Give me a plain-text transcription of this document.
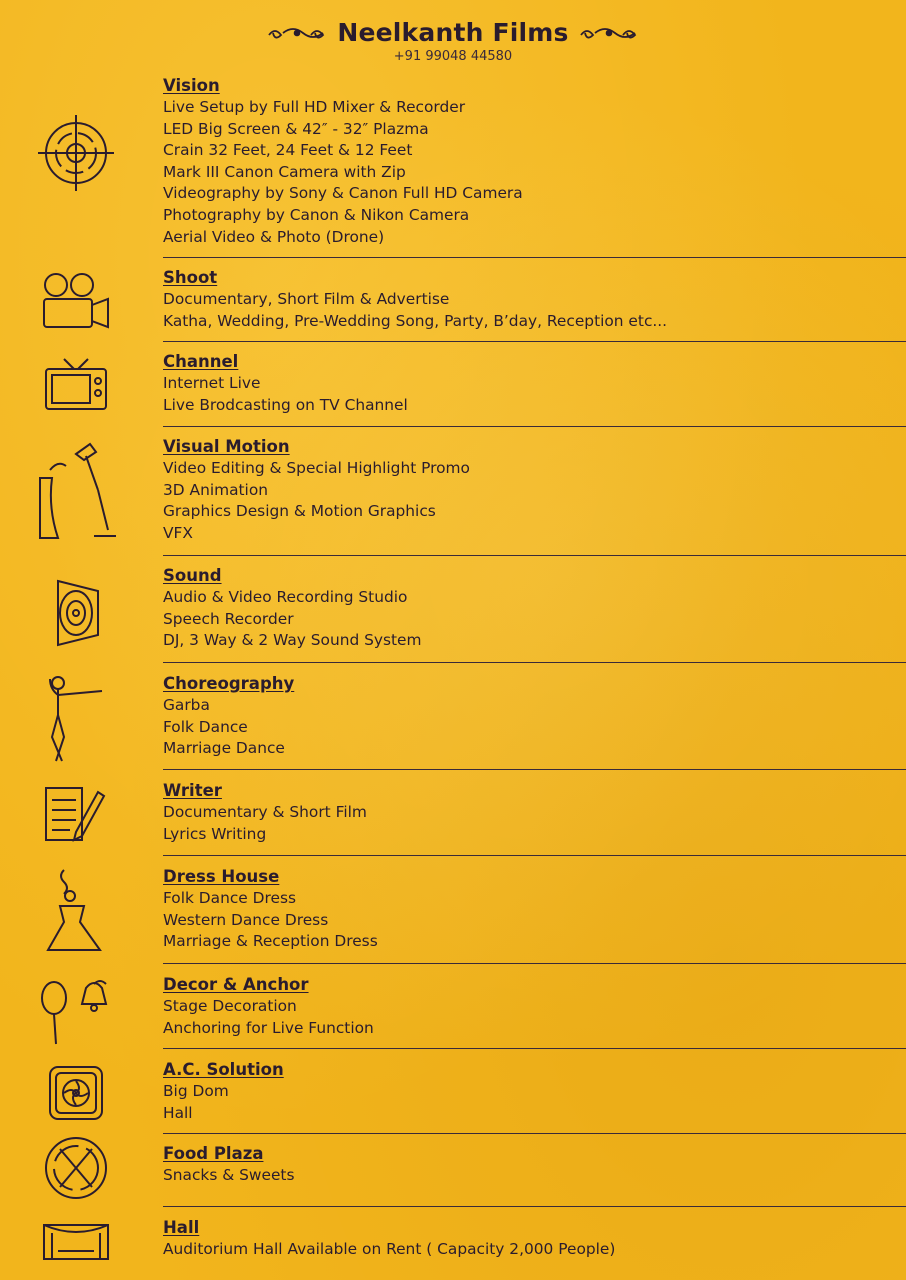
Neelkanth Films
+91 99048 44580
Vision
Live Setup by Full HD Mixer & Recorder
LED Big Screen & 42″ - 32″ Plazma
Crain 32 Feet, 24 Feet & 12 Feet
Mark III Canon Camera with Zip
Videography by Sony & Canon Full HD Camera
Photography by Canon & Nikon Camera
Aerial Video & Photo (Drone)
Shoot
Documentary, Short Film & Advertise
Katha, Wedding, Pre-Wedding Song, Party, B’day, Reception etc...
Channel
Internet Live
Live Brodcasting on TV Channel
Visual Motion
Video Editing & Special Highlight Promo
3D Animation
Graphics Design & Motion Graphics
VFX
Sound
Audio & Video Recording Studio
Speech Recorder
DJ, 3 Way & 2 Way Sound System
Choreography
Garba
Folk Dance
Marriage Dance
Writer
Documentary & Short Film
Lyrics Writing
Dress House
Folk Dance Dress
Western Dance Dress
Marriage & Reception Dress
Decor & Anchor
Stage Decoration
Anchoring for Live Function
A.C. Solution
Big Dom
Hall
Food Plaza
Snacks & Sweets
Hall
Auditorium Hall Available on Rent ( Capacity 2,000 People)
